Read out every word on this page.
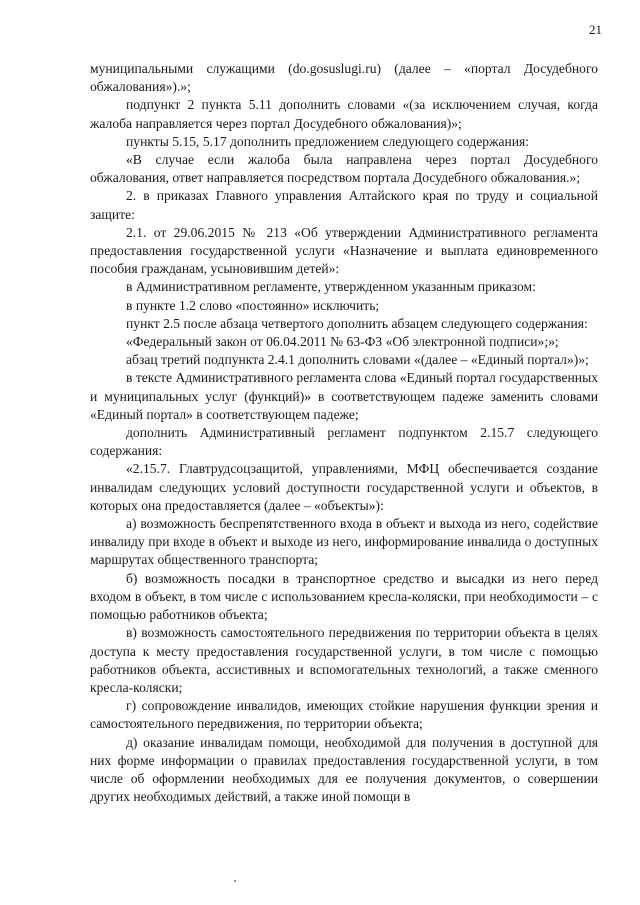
21

муниципальными служащими (do.gosuslugi.ru) (далее – «портал Досудебного обжалования»).»;

подпункт 2 пункта 5.11 дополнить словами «(за исключением случая, когда жалоба направляется через портал Досудебного обжалования)»;

пункты 5.15, 5.17 дополнить предложением следующего содержания:

«В случае если жалоба была направлена через портал Досудебного обжалования, ответ направляется посредством портала Досудебного обжалования.»;

2. в приказах Главного управления Алтайского края по труду и социальной защите:

2.1. от 29.06.2015 № 213 «Об утверждении Административного регламента предоставления государственной услуги «Назначение и выплата единовременного пособия гражданам, усыновившим детей»:

в Административном регламенте, утвержденном указанным приказом:

в пункте 1.2 слово «постоянно» исключить;

пункт 2.5 после абзаца четвертого дополнить абзацем следующего содержания:

«Федеральный закон от 06.04.2011 № 63-ФЗ «Об электронной подписи»;»;

абзац третий подпункта 2.4.1 дополнить словами «(далее – «Единый портал»)»;

в тексте Административного регламента слова «Единый портал государственных и муниципальных услуг (функций)» в соответствующем падеже заменить словами «Единый портал» в соответствующем падеже;

дополнить Административный регламент подпунктом 2.15.7 следующего содержания:

«2.15.7. Главтрудсоцзащитой, управлениями, МФЦ обеспечивается создание инвалидам следующих условий доступности государственной услуги и объектов, в которых она предоставляется (далее – «объекты»):

а) возможность беспрепятственного входа в объект и выхода из него, содействие инвалиду при входе в объект и выходе из него, информирование инвалида о доступных маршрутах общественного транспорта;

б) возможность посадки в транспортное средство и высадки из него перед входом в объект, в том числе с использованием кресла-коляски, при необходимости – с помощью работников объекта;

в) возможность самостоятельного передвижения по территории объекта в целях доступа к месту предоставления государственной услуги, в том числе с помощью работников объекта, ассистивных и вспомогательных технологий, а также сменного кресла-коляски;

г) сопровождение инвалидов, имеющих стойкие нарушения функции зрения и самостоятельного передвижения, по территории объекта;

д) оказание инвалидам помощи, необходимой для получения в доступной для них форме информации о правилах предоставления государственной услуги, в том числе об оформлении необходимых для ее получения документов, о совершении других необходимых действий, а также иной помощи в
